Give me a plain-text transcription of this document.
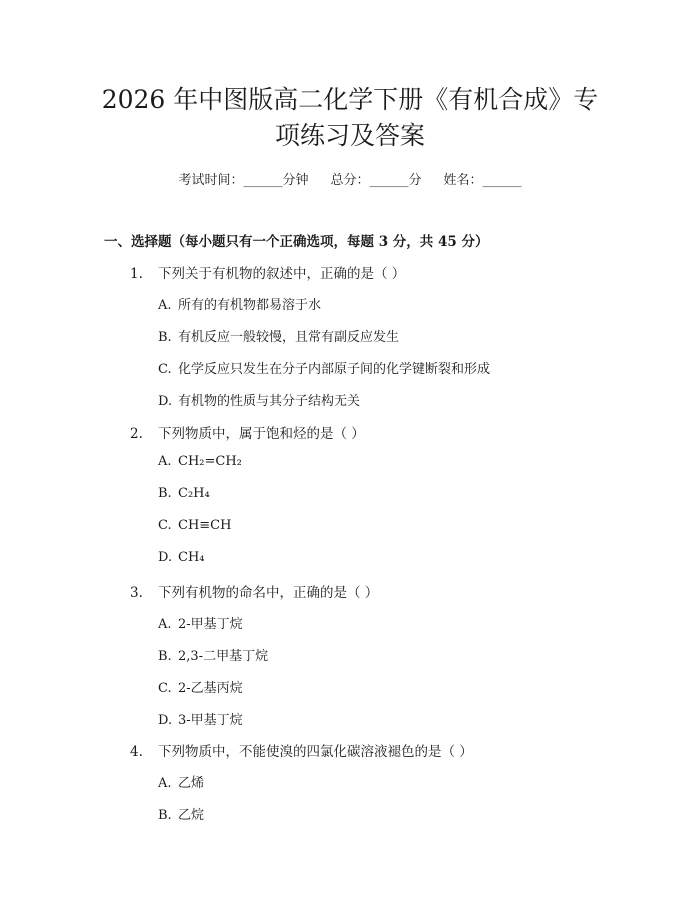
2026 年中图版高二化学下册《有机合成》专
项练习及答案
考试时间：______分钟 总分：______分 姓名：______
一、选择题（每小题只有一个正确选项，每题 3 分，共 45 分）
1. 下列关于有机物的叙述中，正确的是（ ）
A. 所有的有机物都易溶于水
B. 有机反应一般较慢，且常有副反应发生
C. 化学反应只发生在分子内部原子间的化学键断裂和形成
D. 有机物的性质与其分子结构无关
2. 下列物质中，属于饱和烃的是（ ）
A. CH₂=CH₂
B. C₂H₄
C. CH≡CH
D. CH₄
3. 下列有机物的命名中，正确的是（ ）
A. 2-甲基丁烷
B. 2,3-二甲基丁烷
C. 2-乙基丙烷
D. 3-甲基丁烷
4. 下列物质中，不能使溴的四氯化碳溶液褪色的是（ ）
A. 乙烯
B. 乙烷
